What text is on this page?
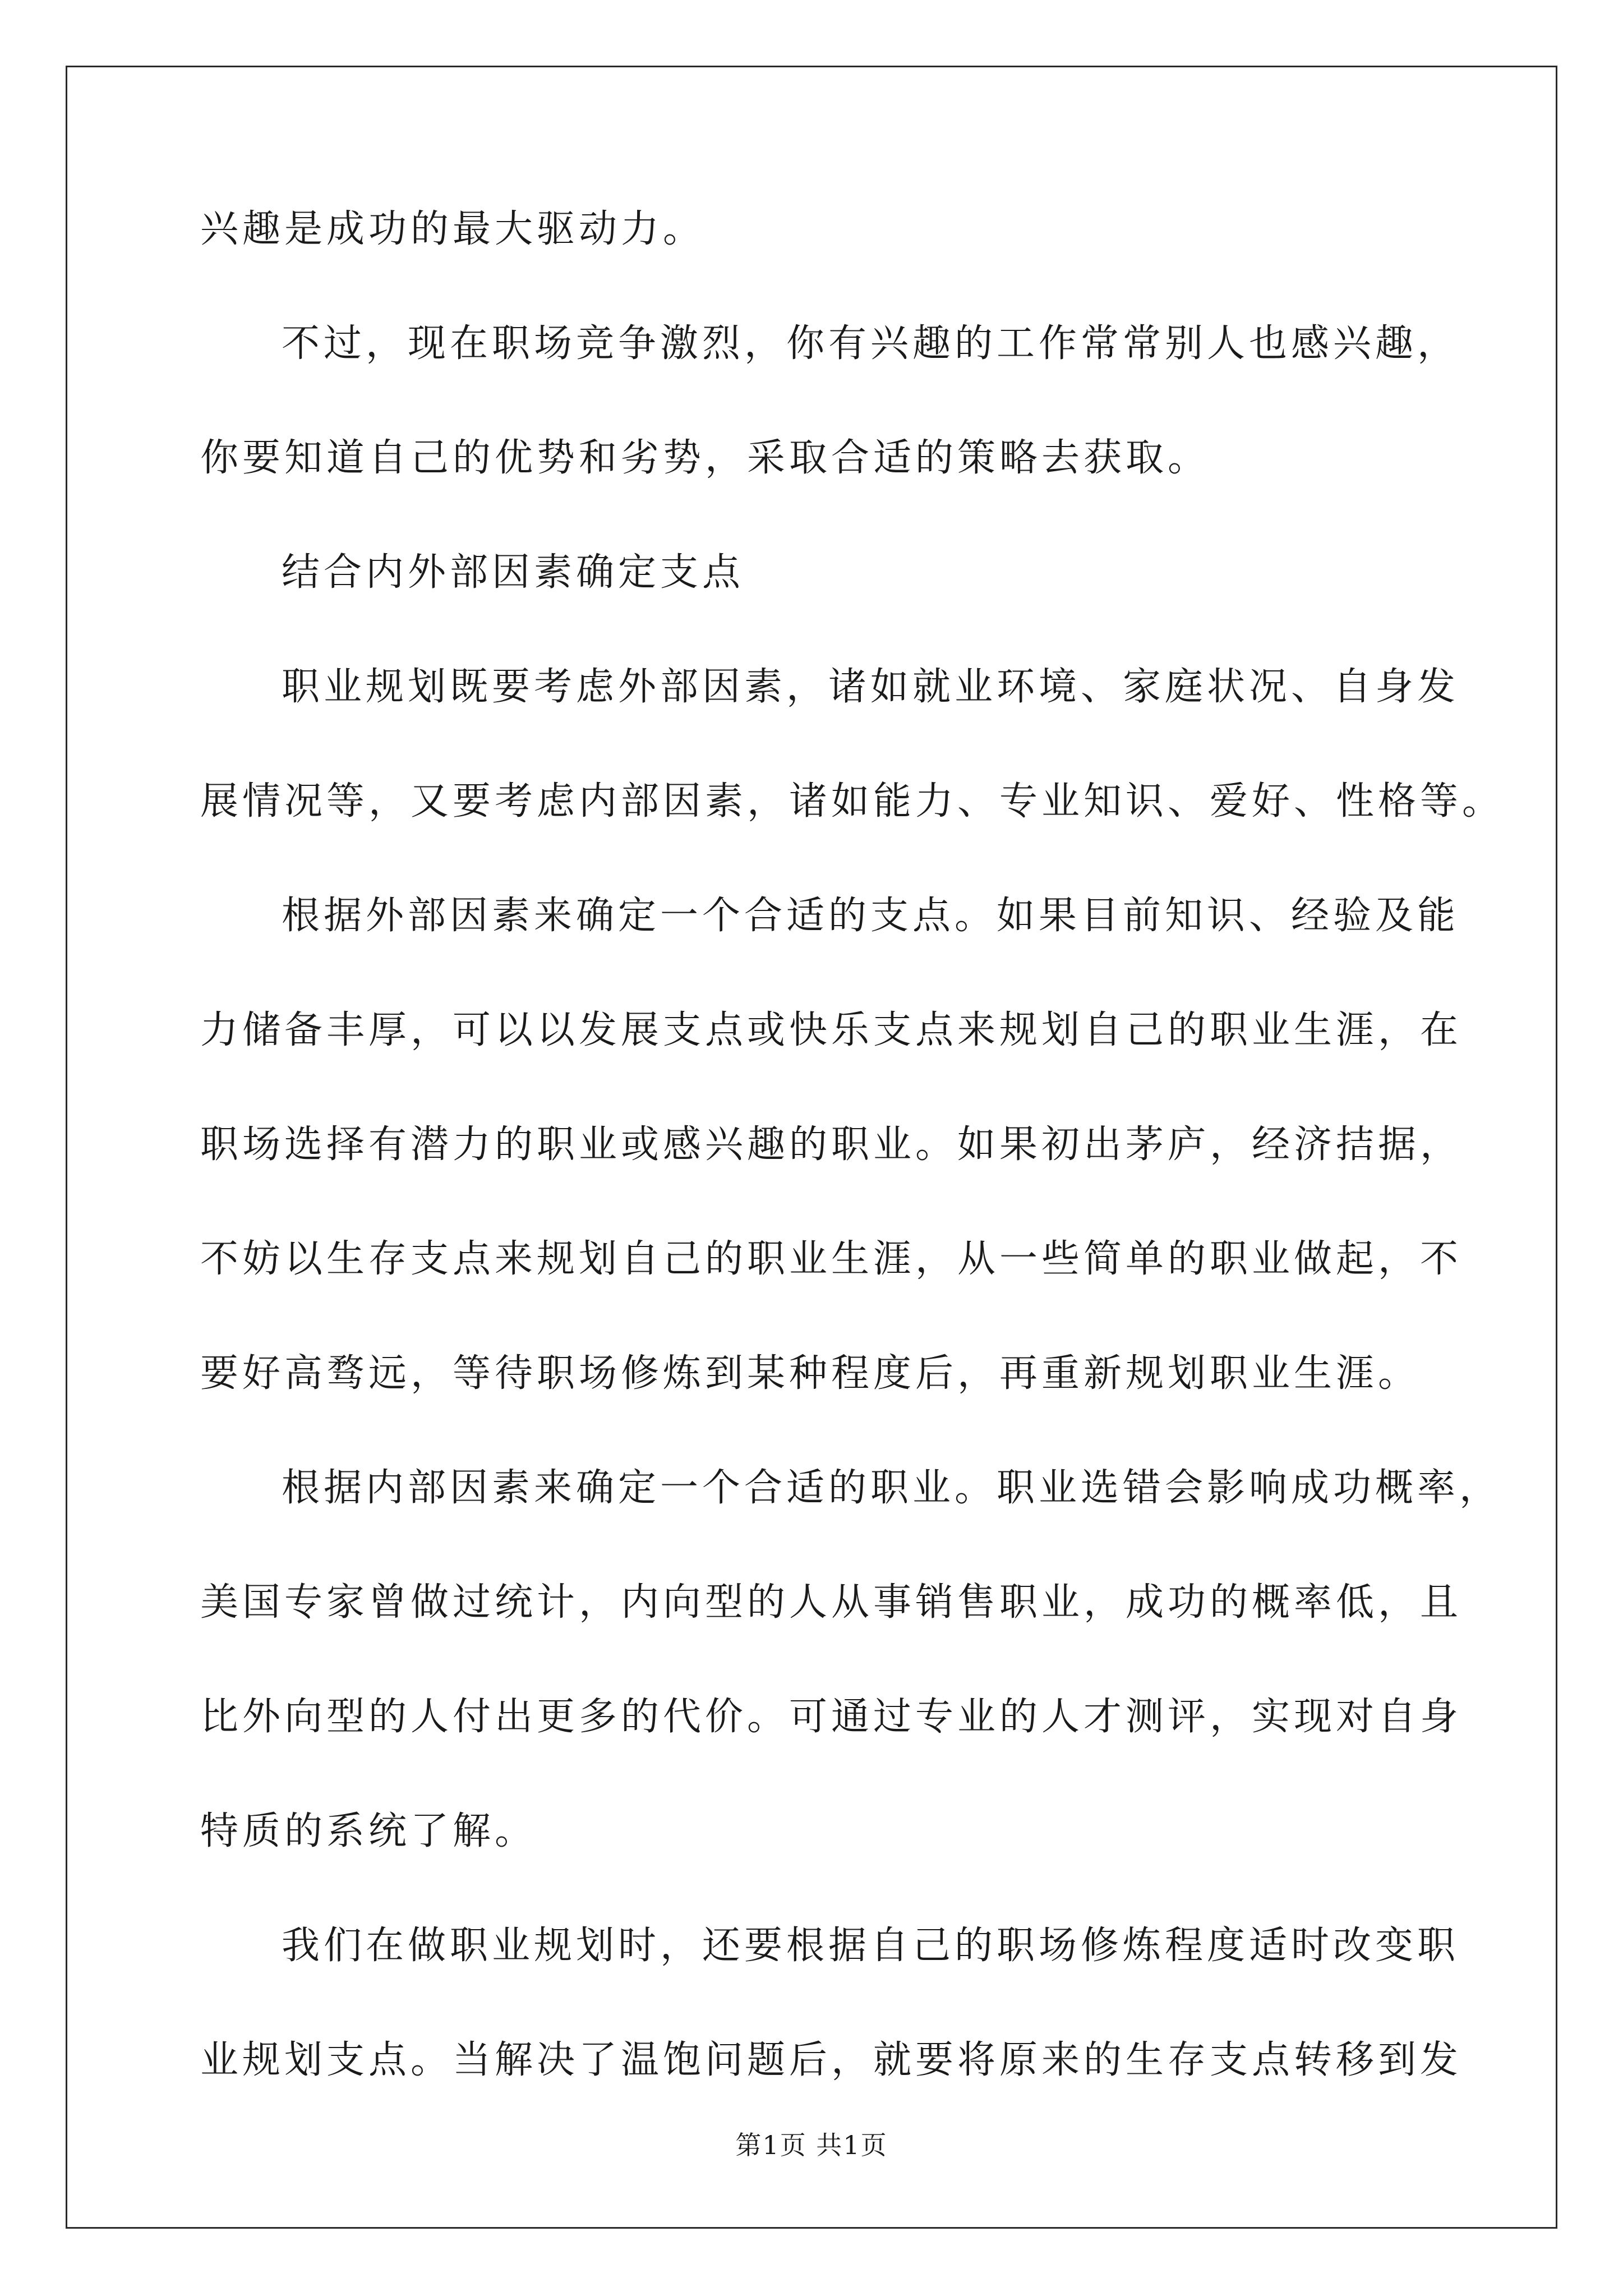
兴趣是成功的最大驱动力。
不过，现在职场竞争激烈，你有兴趣的工作常常别人也感兴趣，
你要知道自己的优势和劣势，采取合适的策略去获取。
结合内外部因素确定支点
职业规划既要考虑外部因素，诸如就业环境、家庭状况、自身发
展情况等，又要考虑内部因素，诸如能力、专业知识、爱好、性格等。
根据外部因素来确定一个合适的支点。如果目前知识、经验及能
力储备丰厚，可以以发展支点或快乐支点来规划自己的职业生涯，在
职场选择有潜力的职业或感兴趣的职业。如果初出茅庐，经济拮据，
不妨以生存支点来规划自己的职业生涯，从一些简单的职业做起，不
要好高骛远，等待职场修炼到某种程度后，再重新规划职业生涯。
根据内部因素来确定一个合适的职业。职业选错会影响成功概率，
美国专家曾做过统计，内向型的人从事销售职业，成功的概率低，且
比外向型的人付出更多的代价。可通过专业的人才测评，实现对自身
特质的系统了解。
我们在做职业规划时，还要根据自己的职场修炼程度适时改变职
业规划支点。当解决了温饱问题后，就要将原来的生存支点转移到发
第1页 共1页
